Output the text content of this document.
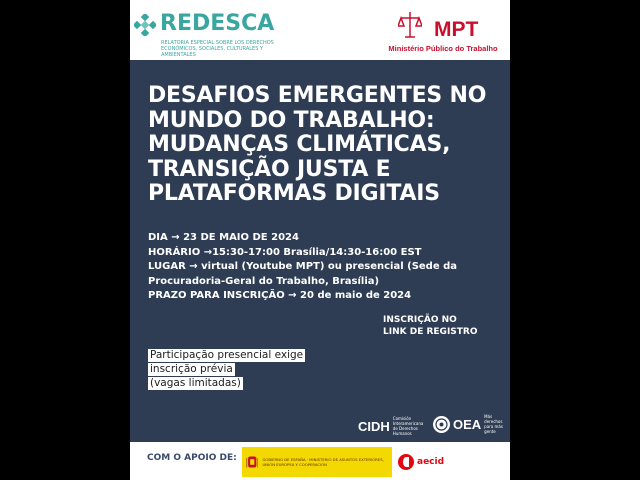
REDESCA
RELATORIA ESPECIAL SOBRE LOS DERECHOS ECONÓMICOS, SOCIALES, CULTURALES Y AMBIENTALES
MPT
Ministério Público do Trabalho
DESAFIOS EMERGENTES NO MUNDO DO TRABALHO: MUDANÇAS CLIMÁTICAS, TRANSIÇÃO JUSTA E PLATAFORMAS DIGITAIS
DIA → 23 DE MAIO DE 2024
HORÁRIO →15:30-17:00 Brasília/14:30-16:00 EST
LUGAR → virtual (Youtube MPT) ou presencial (Sede da
Procuradoria-Geral do Trabalho, Brasília)
PRAZO PARA INSCRIÇÃO → 20 de maio de 2024
INSCRIÇÃO NO
LINK DE REGISTRO
Participação presencial exige
inscrição prévia
(vagas limitadas)
CIDH Comisión Interamericana de Derechos Humanos
OEA Más derechos para más gente
COM O APOIO DE:	GOBIERNO DE ESPAÑA · MINISTERIO DE ASUNTOS EXTERIORES, UNIÓN EUROPEA Y COOPERACIÓN	aecid
